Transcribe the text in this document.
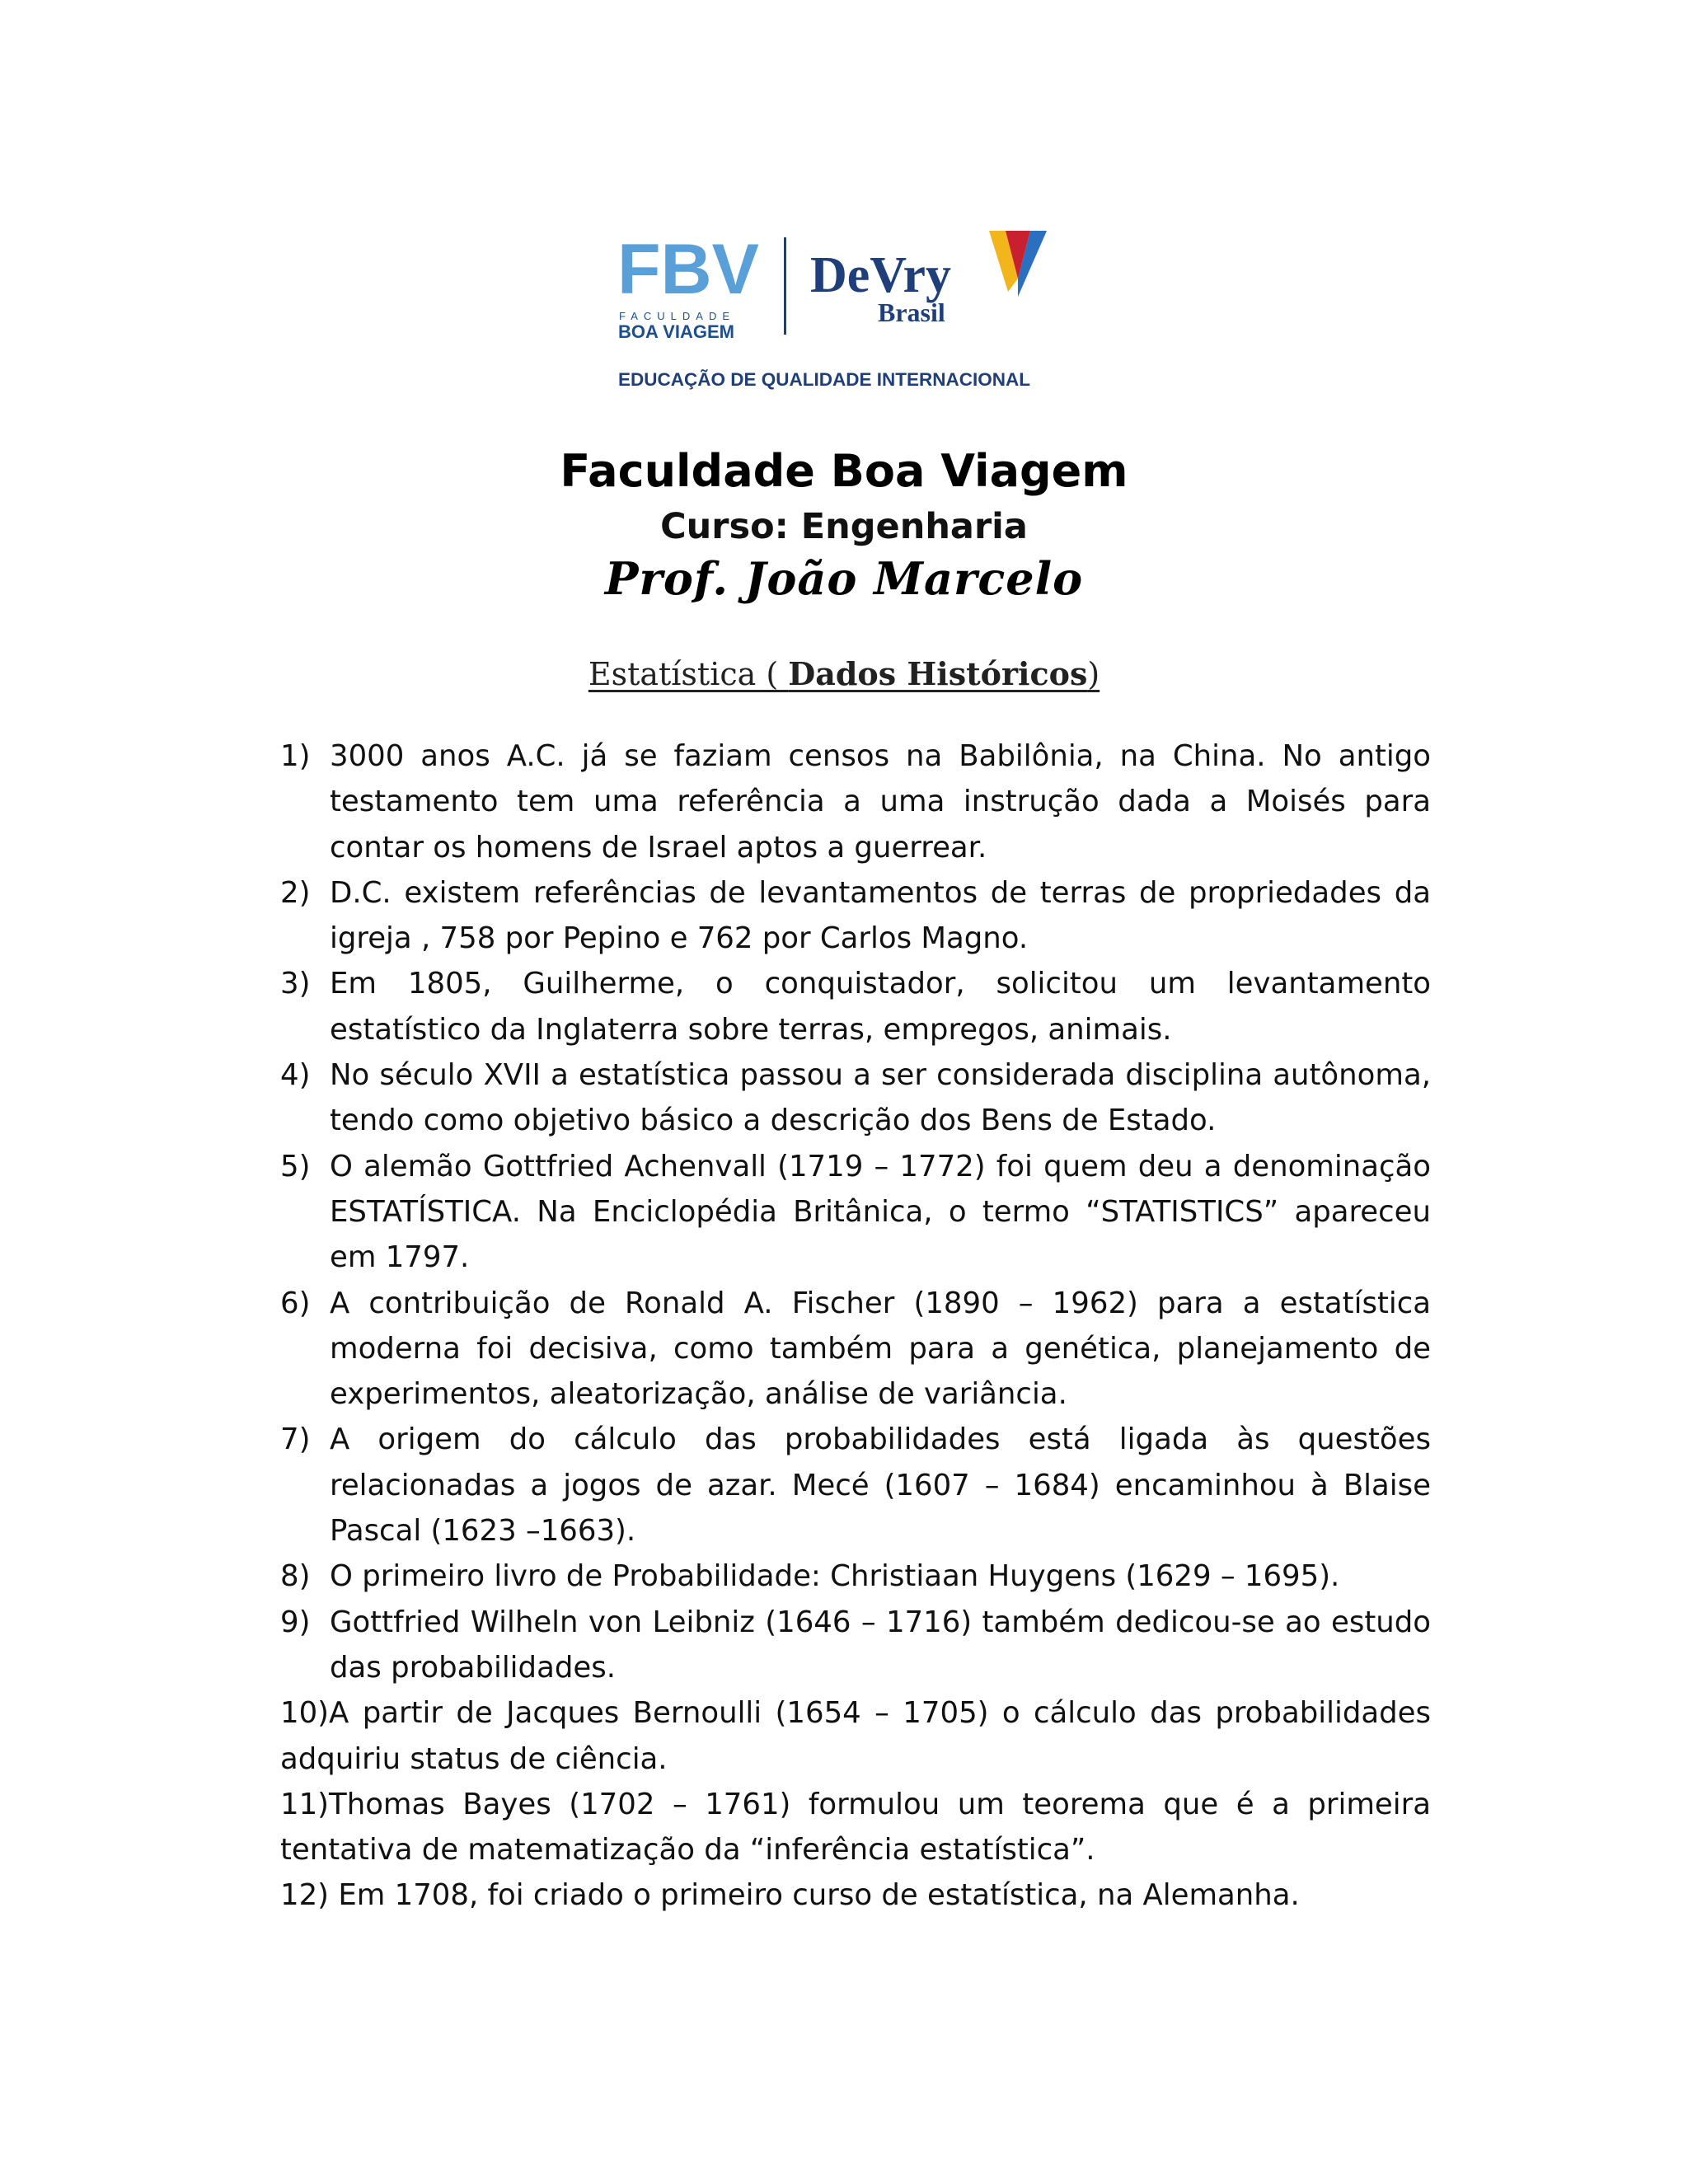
FBV
FACULDADE
BOA VIAGEM
DeVry
Brasil
EDUCAÇÃO DE QUALIDADE INTERNACIONAL
Faculdade Boa Viagem
Curso: Engenharia
Prof. João Marcelo
Estatística ( Dados Históricos)
1) 3000 anos A.C. já se faziam censos na Babilônia, na China. No antigo testamento tem uma referência a uma instrução dada a Moisés para contar os homens de Israel aptos a guerrear.
2) D.C. existem referências de levantamentos de terras de propriedades da igreja , 758 por Pepino e 762 por Carlos Magno.
3) Em 1805, Guilherme, o conquistador, solicitou um levantamento estatístico da Inglaterra sobre terras, empregos, animais.
4) No século XVII a estatística passou a ser considerada disciplina autônoma, tendo como objetivo básico a descrição dos Bens de Estado.
5) O alemão Gottfried Achenvall (1719 – 1772) foi quem deu a denominação ESTATÍSTICA. Na Enciclopédia Britânica, o termo “STATISTICS” apareceu em 1797.
6) A contribuição de Ronald A. Fischer (1890 – 1962) para a estatística moderna foi decisiva, como também para a genética, planejamento de experimentos, aleatorização, análise de variância.
7) A origem do cálculo das probabilidades está ligada às questões relacionadas a jogos de azar. Mecé (1607 – 1684) encaminhou à Blaise Pascal (1623 –1663).
8) O primeiro livro de Probabilidade: Christiaan Huygens (1629 – 1695).
9) Gottfried Wilheln von Leibniz (1646 – 1716) também dedicou-se ao estudo das probabilidades.
10)A partir de Jacques Bernoulli (1654 – 1705) o cálculo das probabilidades adquiriu status de ciência.
11)Thomas Bayes (1702 – 1761) formulou um teorema que é a primeira tentativa de matematização da “inferência estatística”.
12) Em 1708, foi criado o primeiro curso de estatística, na Alemanha.
